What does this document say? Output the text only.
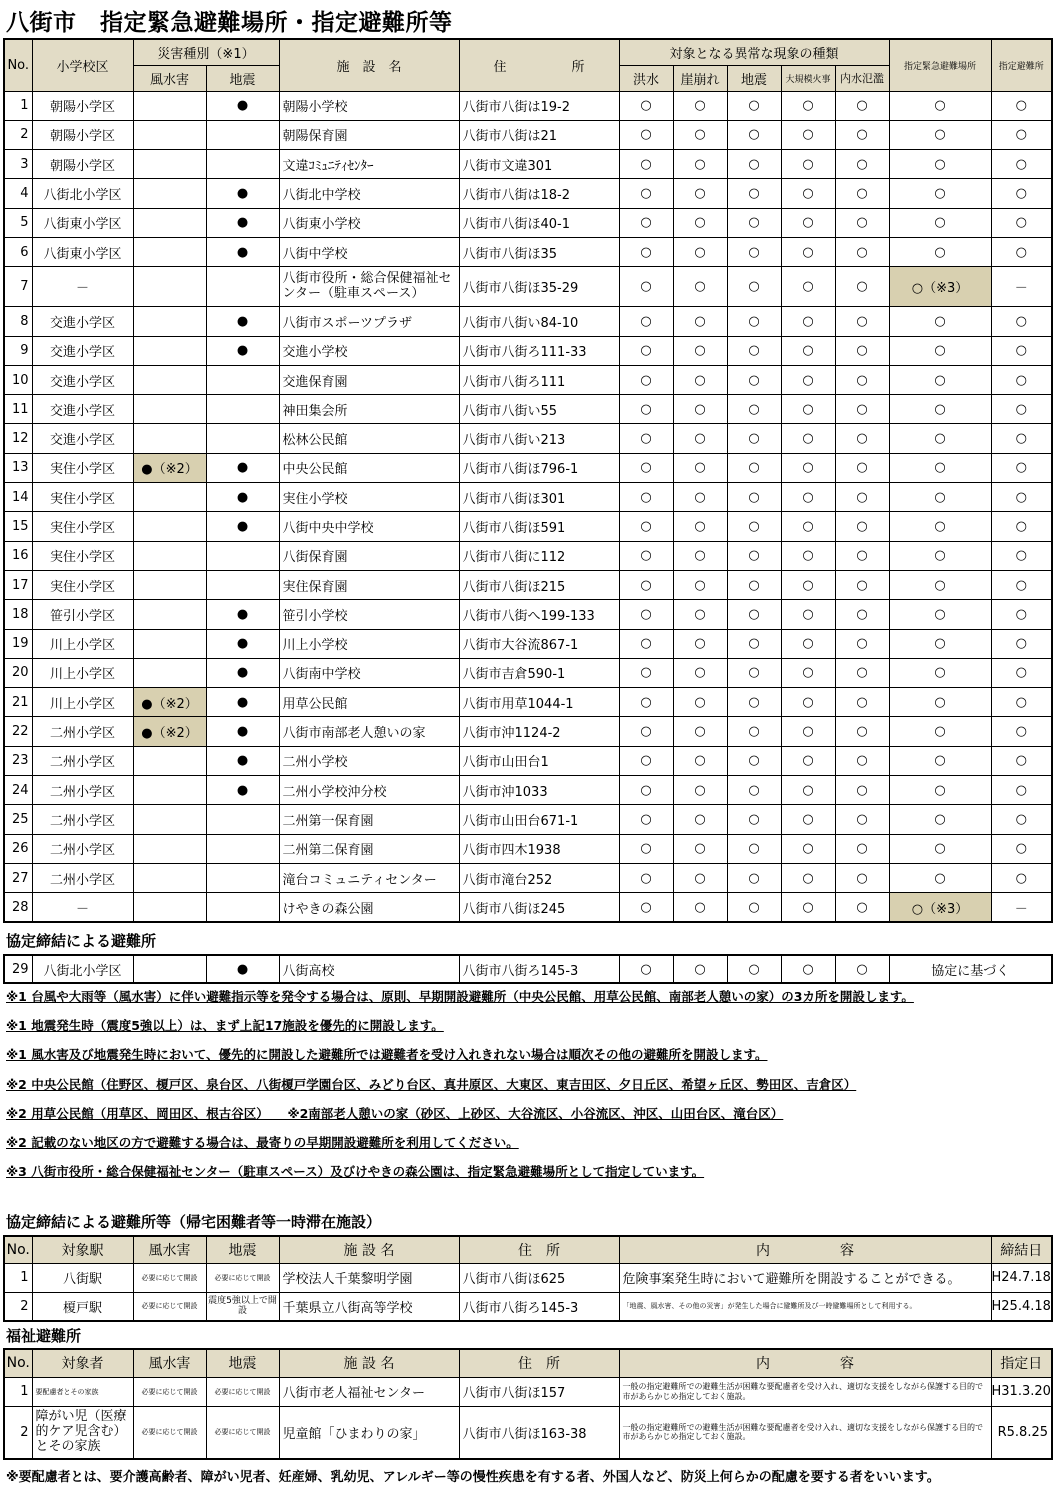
八街市　指定緊急避難場所・指定避難所等
No.	小学校区	災害種別（※1）		施　設　名	住　　　　　所	対象となる異常な現象の種類					指定緊急避難場所	指定避難所
		風水害	地震			洪水	崖崩れ	地震	大規模火事	内水氾濫		
1	朝陽小学区		●	朝陽小学校	八街市八街は19-2	○	○	○	○	○	○	○
2	朝陽小学区			朝陽保育園	八街市八街は21	○	○	○	○	○	○	○
3	朝陽小学区			文違ｺﾐｭﾆﾃｨｾﾝﾀｰ	八街市文違301	○	○	○	○	○	○	○
4	八街北小学区		●	八街北中学校	八街市八街は18-2	○	○	○	○	○	○	○
5	八街東小学区		●	八街東小学校	八街市八街ほ40-1	○	○	○	○	○	○	○
6	八街東小学区		●	八街中学校	八街市八街ほ35	○	○	○	○	○	○	○
7	－			八街市役所・総合保健福祉センター（駐車スペース）	八街市八街ほ35-29	○	○	○	○	○	○（※3）	－
8	交進小学区		●	八街市スポーツプラザ	八街市八街い84-10	○	○	○	○	○	○	○
9	交進小学区		●	交進小学校	八街市八街ろ111-33	○	○	○	○	○	○	○
10	交進小学区			交進保育園	八街市八街ろ111	○	○	○	○	○	○	○
11	交進小学区			神田集会所	八街市八街い55	○	○	○	○	○	○	○
12	交進小学区			松林公民館	八街市八街い213	○	○	○	○	○	○	○
13	実住小学区	●（※2）	●	中央公民館	八街市八街ほ796-1	○	○	○	○	○	○	○
14	実住小学区		●	実住小学校	八街市八街ほ301	○	○	○	○	○	○	○
15	実住小学区		●	八街中央中学校	八街市八街ほ591	○	○	○	○	○	○	○
16	実住小学区			八街保育園	八街市八街に112	○	○	○	○	○	○	○
17	実住小学区			実住保育園	八街市八街ほ215	○	○	○	○	○	○	○
18	笹引小学区		●	笹引小学校	八街市八街へ199-133	○	○	○	○	○	○	○
19	川上小学区		●	川上小学校	八街市大谷流867-1	○	○	○	○	○	○	○
20	川上小学区		●	八街南中学校	八街市吉倉590-1	○	○	○	○	○	○	○
21	川上小学区	●（※2）	●	用草公民館	八街市用草1044-1	○	○	○	○	○	○	○
22	二州小学区	●（※2）	●	八街市南部老人憩いの家	八街市沖1124-2	○	○	○	○	○	○	○
23	二州小学区		●	二州小学校	八街市山田台1	○	○	○	○	○	○	○
24	二州小学区		●	二州小学校沖分校	八街市沖1033	○	○	○	○	○	○	○
25	二州小学区			二州第一保育園	八街市山田台671-1	○	○	○	○	○	○	○
26	二州小学区			二州第二保育園	八街市四木1938	○	○	○	○	○	○	○
27	二州小学区			滝台コミュニティセンター	八街市滝台252	○	○	○	○	○	○	○
28	－			けやきの森公園	八街市八街ほ245	○	○	○	○	○	○（※3）	－
協定締結による避難所
29	八街北小学区		●	八街高校	八街市八街ろ145-3	○	○	○	○	○	協定に基づく
※1 台風や大雨等（風水害）に伴い避難指示等を発令する場合は、原則、早期開設避難所（中央公民館、用草公民館、南部老人憩いの家）の3カ所を開設します。
※1 地震発生時（震度5強以上）は、まず上記17施設を優先的に開設します。
※1 風水害及び地震発生時において、優先的に開設した避難所では避難者を受け入れきれない場合は順次その他の避難所を開設します。
※2 中央公民館（住野区、榎戸区、泉台区、八街榎戸学園台区、みどり台区、真井原区、大東区、東吉田区、夕日丘区、希望ヶ丘区、勢田区、吉倉区）
※2 用草公民館（用草区、岡田区、根古谷区）　　※2南部老人憩いの家（砂区、上砂区、大谷流区、小谷流区、沖区、山田台区、滝台区）
※2 記載のない地区の方で避難する場合は、最寄りの早期開設避難所を利用してください。
※3 八街市役所・総合保健福祉センター（駐車スペース）及びけやきの森公園は、指定緊急避難場所として指定しています。
協定締結による避難所等（帰宅困難者等一時滞在施設）
No.	対象駅	風水害	地震	施 設 名	住　所	内　　　　　容	締結日
1	八街駅	必要に応じて開設	必要に応じて開設	学校法人千葉黎明学園	八街市八街ほ625	危険事案発生時において避難所を開設することができる。	H24.7.18
2	榎戸駅	必要に応じて開設	震度5強以上で開設	千葉県立八街高等学校	八街市八街ろ145-3	「地震、風水害、その他の災害」が発生した場合に避難所及び一時避難場所として利用する。	H25.4.18
福祉避難所
No.	対象者	風水害	地震	施 設 名	住　所	内　　　　　容	指定日
1	要配慮者とその家族	必要に応じて開設	必要に応じて開設	八街市老人福祉センター	八街市八街ほ157	一般の指定避難所での避難生活が困難な要配慮者を受け入れ、適切な支援をしながら保護する目的で市があらかじめ指定しておく施設。	H31.3.20
2	障がい児（医療的ケア児含む）とその家族	必要に応じて開設	必要に応じて開設	児童館「ひまわりの家」	八街市八街ほ163-38	一般の指定避難所での避難生活が困難な要配慮者を受け入れ、適切な支援をしながら保護する目的で市があらかじめ指定しておく施設。	R5.8.25
※要配慮者とは、要介護高齢者、障がい児者、妊産婦、乳幼児、アレルギー等の慢性疾患を有する者、外国人など、防災上何らかの配慮を要する者をいいます。
